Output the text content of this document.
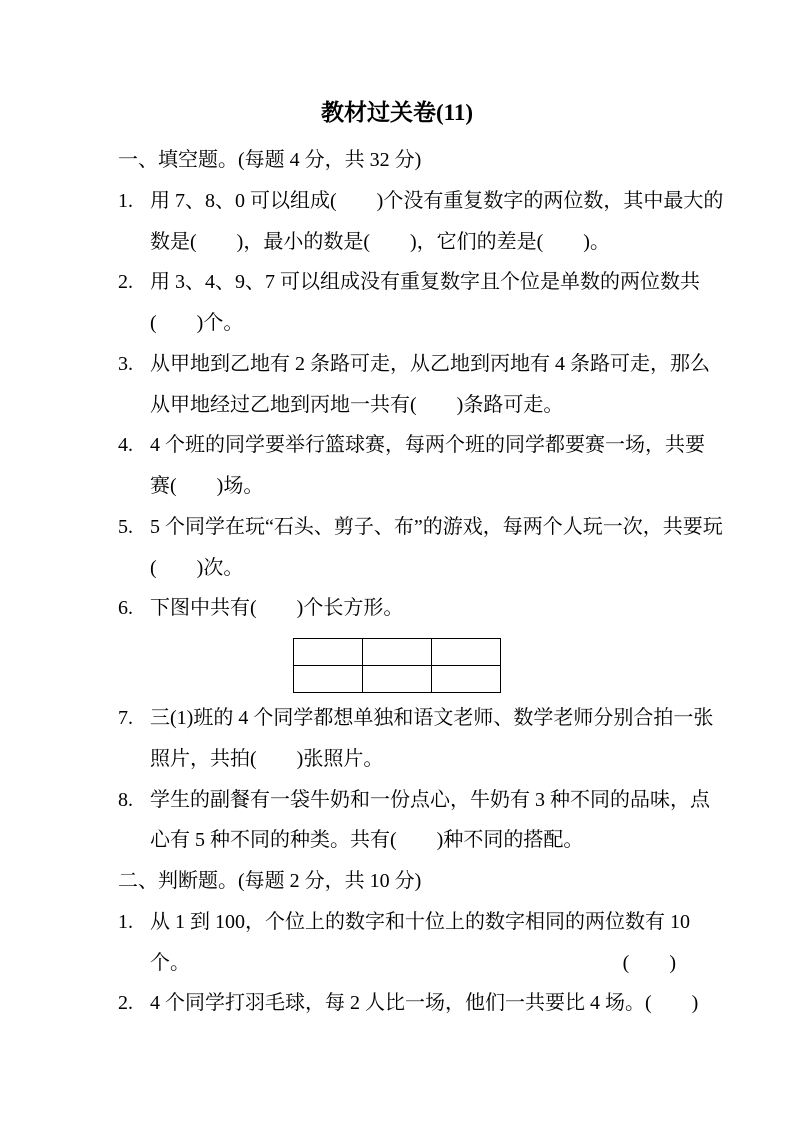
教材过关卷(11)
一、填空题。(每题 4 分，共 32 分)
1. 用 7、8、0 可以组成(        )个没有重复数字的两位数，其中最大的
数是(        )，最小的数是(        )，它们的差是(        )。
2. 用 3、4、9、7 可以组成没有重复数字且个位是单数的两位数共
(        )个。
3. 从甲地到乙地有 2 条路可走，从乙地到丙地有 4 条路可走，那么
从甲地经过乙地到丙地一共有(        )条路可走。
4. 4 个班的同学要举行篮球赛，每两个班的同学都要赛一场，共要
赛(        )场。
5. 5 个同学在玩“石头、剪子、布”的游戏，每两个人玩一次，共要玩
(        )次。
6. 下图中共有(        )个长方形。

7. 三(1)班的 4 个同学都想单独和语文老师、数学老师分别合拍一张
照片，共拍(        )张照片。
8. 学生的副餐有一袋牛奶和一份点心，牛奶有 3 种不同的品味，点
心有 5 种不同的种类。共有(        )种不同的搭配。
二、判断题。(每题 2 分，共 10 分)
1. 从 1 到 100，个位上的数字和十位上的数字相同的两位数有 10
个。	(        )
2. 4 个同学打羽毛球，每 2 人比一场，他们一共要比 4 场。(        )
